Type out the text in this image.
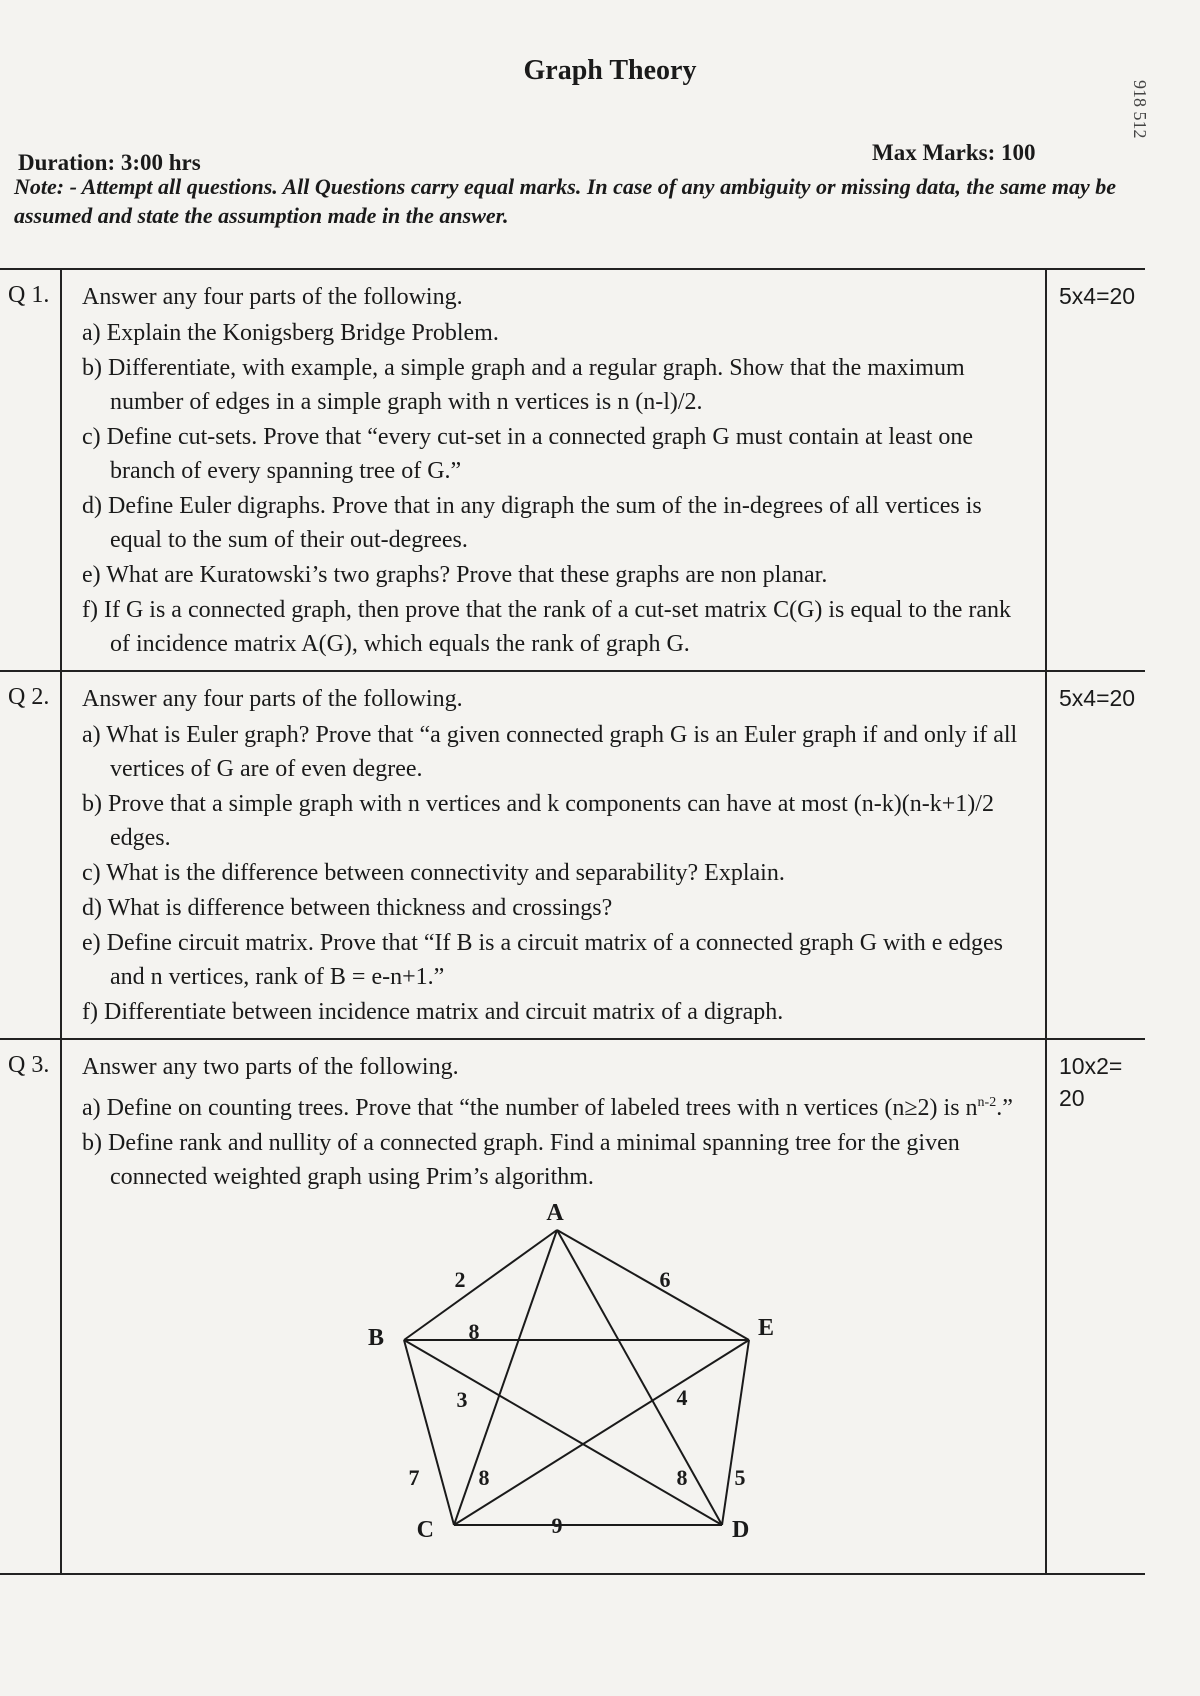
Graph Theory
918 512
Max Marks: 100
Duration: 3:00 hrs
Note: - Attempt all questions. All Questions carry equal marks. In case of any ambiguity or missing data, the same may be assumed and state the assumption made in the answer.
Q 1.	5x4=20
Answer any four parts of the following.
a) Explain the Konigsberg Bridge Problem.
b) Differentiate, with example, a simple graph and a regular graph. Show that the maximum number of edges in a simple graph with n vertices is n (n-l)/2.
c) Define cut-sets. Prove that “every cut-set in a connected graph G must contain at least one branch of every spanning tree of G.”
d) Define Euler digraphs. Prove that in any digraph the sum of the in-degrees of all vertices is equal to the sum of their out-degrees.
e) What are Kuratowski’s two graphs? Prove that these graphs are non planar.
f) If G is a connected graph, then prove that the rank of a cut-set matrix C(G) is equal to the rank of incidence matrix A(G), which equals the rank of graph G.
Q 2.	5x4=20
Answer any four parts of the following.
a) What is Euler graph? Prove that “a given connected graph G is an Euler graph if and only if all vertices of G are of even degree.
b) Prove that a simple graph with n vertices and k components can have at most (n-k)(n-k+1)/2 edges.
c) What is the difference between connectivity and separability? Explain.
d) What is difference between thickness and crossings?
e) Define circuit matrix. Prove that “If B is a circuit matrix of a connected graph G with e edges and n vertices, rank of B = e-n+1.”
f) Differentiate between incidence matrix and circuit matrix of a digraph.
Q 3.	10x2=
20
Answer any two parts of the following.
a) Define on counting trees. Prove that “the number of labeled trees with n vertices (n≥2) is $n^{n-2}$.”
b) Define rank and nullity of a connected graph. Find a minimal spanning tree for the given connected weighted graph using Prim’s algorithm.
2	6
8
3	4
7	8	8 5
9
A
B
C	D
E
